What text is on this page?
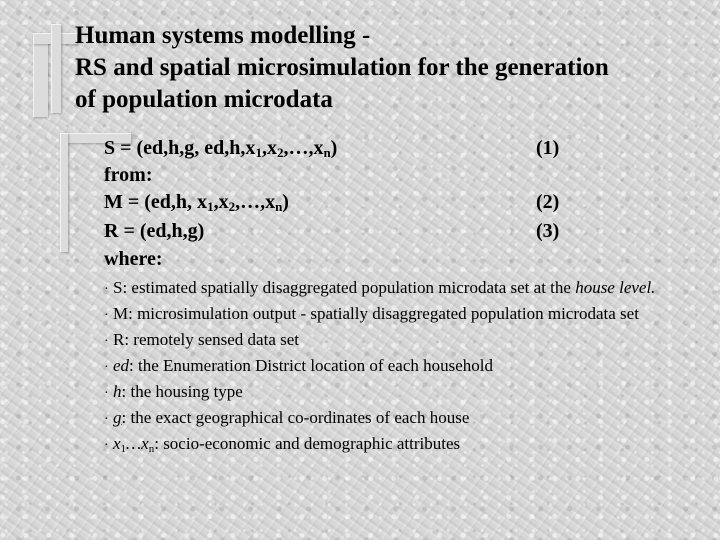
Human systems modelling -
RS and spatial microsimulation for the generation
of population microdata
S = (ed,h,g, $ed,h,x_1,x_2,\dots,x_n$)	(1)
from:
M = (ed,h, $x_1,x_2,\dots,x_n$)	(2)
R = (ed,h,g)	(3)
where:

· S: estimated spatially disaggregated population microdata set at the house level.

· M: microsimulation output - spatially disaggregated population microdata set

· R: remotely sensed data set

· ed: the Enumeration District location of each household

· h: the housing type

· g: the exact geographical co-ordinates of each house

· $x_1\dots x_n$: socio-economic and demographic attributes
